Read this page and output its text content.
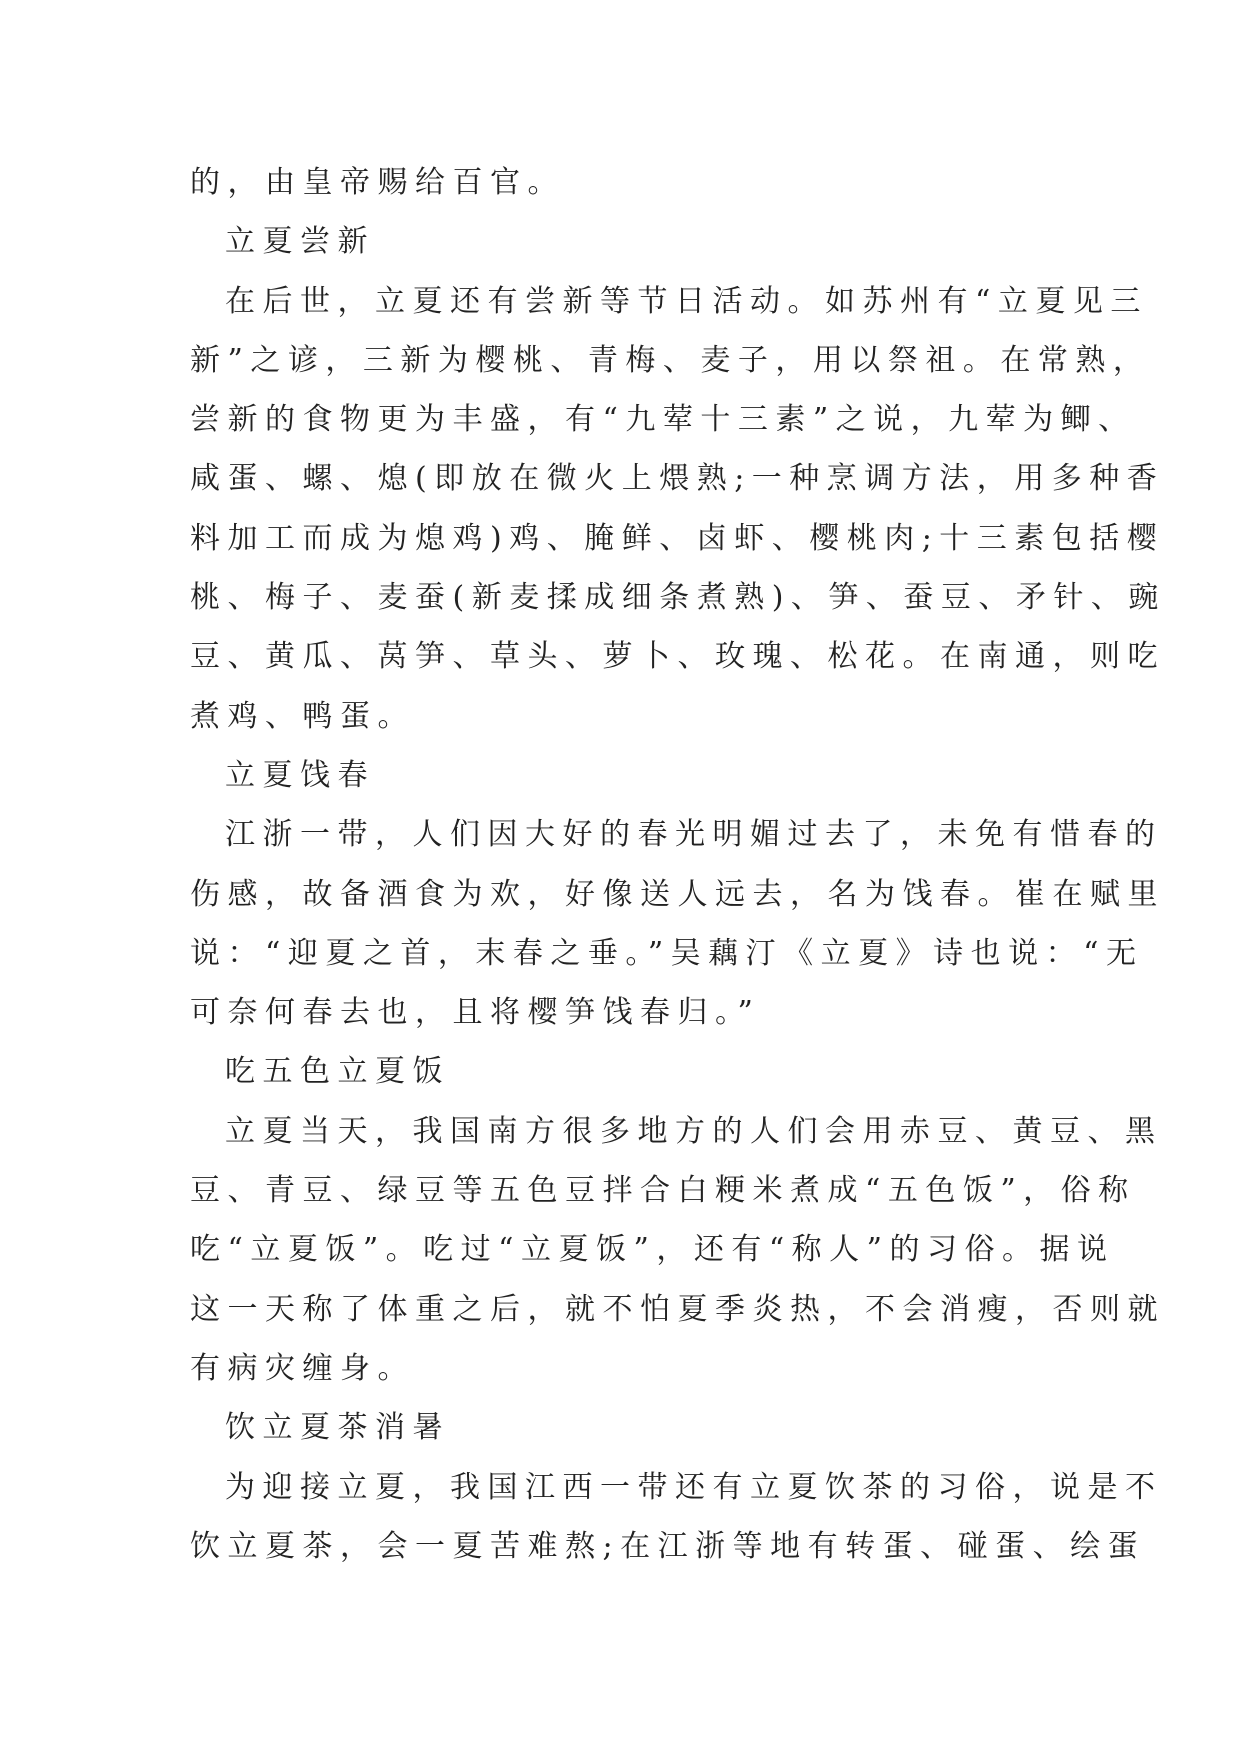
的，由皇帝赐给百官。
立夏尝新
在后世，立夏还有尝新等节日活动。如苏州有“立夏见三
新”之谚，三新为樱桃、青梅、麦子，用以祭祖。在常熟，
尝新的食物更为丰盛，有“九荤十三素”之说，九荤为鲫、
咸蛋、螺、熄(即放在微火上煨熟;一种烹调方法，用多种香
料加工而成为熄鸡)鸡、腌鲜、卤虾、樱桃肉;十三素包括樱
桃、梅子、麦蚕(新麦揉成细条煮熟)、笋、蚕豆、矛针、豌
豆、黄瓜、莴笋、草头、萝卜、玫瑰、松花。在南通，则吃
煮鸡、鸭蛋。
立夏饯春
江浙一带，人们因大好的春光明媚过去了，未免有惜春的
伤感，故备酒食为欢，好像送人远去，名为饯春。崔在赋里
说：“迎夏之首，末春之垂。”吴藕汀《立夏》诗也说：“无
可奈何春去也，且将樱笋饯春归。”
吃五色立夏饭
立夏当天，我国南方很多地方的人们会用赤豆、黄豆、黑
豆、青豆、绿豆等五色豆拌合白粳米煮成“五色饭”，俗称
吃“立夏饭”。吃过“立夏饭”，还有“称人”的习俗。据说
这一天称了体重之后，就不怕夏季炎热，不会消瘦，否则就
有病灾缠身。
饮立夏茶消暑
为迎接立夏，我国江西一带还有立夏饮茶的习俗，说是不
饮立夏茶，会一夏苦难熬;在江浙等地有转蛋、碰蛋、绘蛋
